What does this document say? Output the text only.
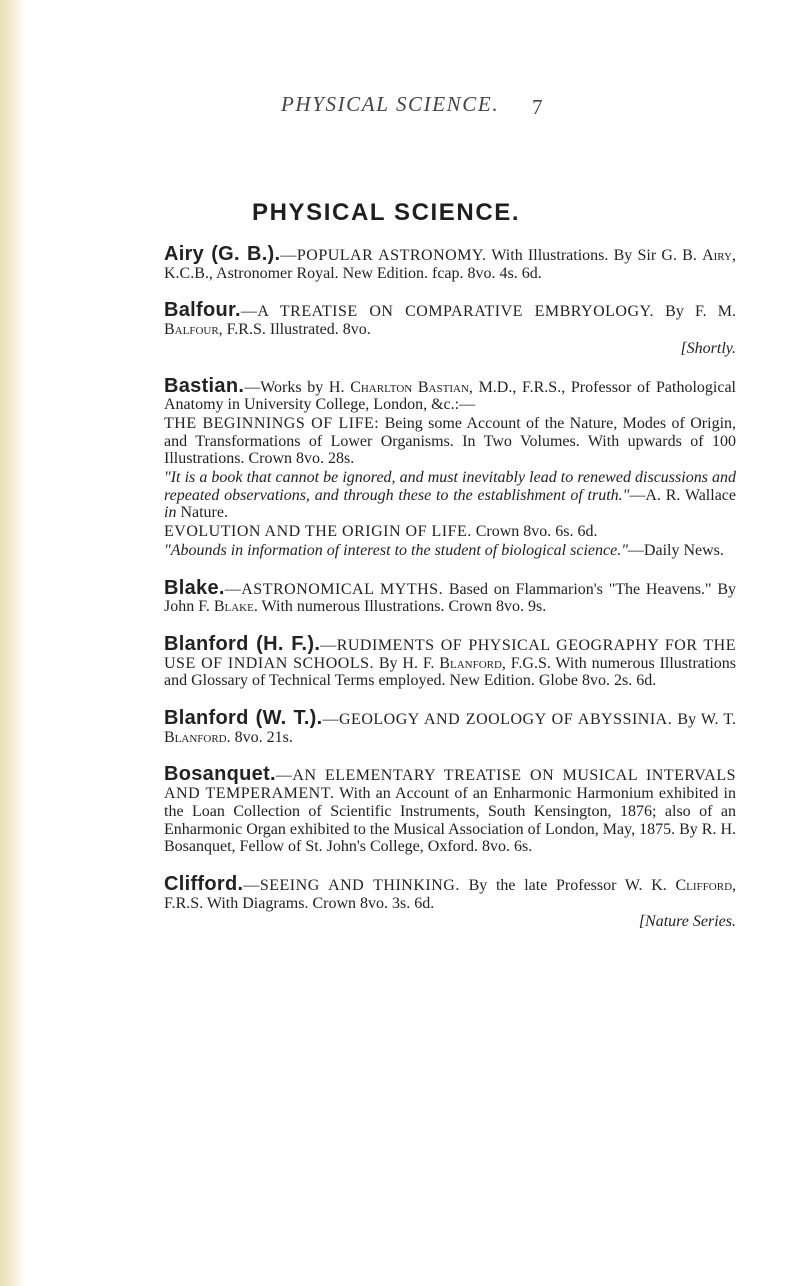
PHYSICAL SCIENCE. 7
PHYSICAL SCIENCE.

Airy (G. B.).—POPULAR ASTRONOMY. With Illustrations. By Sir G. B. Airy, K.C.B., Astronomer Royal. New Edition. fcap. 8vo. 4s. 6d.

Balfour.—A TREATISE ON COMPARATIVE EMBRYOLOGY. By F. M. Balfour, F.R.S. Illustrated. 8vo.

[Shortly.

Bastian.—Works by H. Charlton Bastian, M.D., F.R.S., Professor of Pathological Anatomy in University College, London, &c.:—

THE BEGINNINGS OF LIFE: Being some Account of the Nature, Modes of Origin, and Transformations of Lower Organisms. In Two Volumes. With upwards of 100 Illustrations. Crown 8vo. 28s.

"It is a book that cannot be ignored, and must inevitably lead to renewed discussions and repeated observations, and through these to the establishment of truth."—A. R. Wallace in Nature.

EVOLUTION AND THE ORIGIN OF LIFE. Crown 8vo. 6s. 6d.

"Abounds in information of interest to the student of biological science."—Daily News.

Blake.—ASTRONOMICAL MYTHS. Based on Flammarion's "The Heavens." By John F. Blake. With numerous Illustrations. Crown 8vo. 9s.

Blanford (H. F.).—RUDIMENTS OF PHYSICAL GEOGRAPHY FOR THE USE OF INDIAN SCHOOLS. By H. F. Blanford, F.G.S. With numerous Illustrations and Glossary of Technical Terms employed. New Edition. Globe 8vo. 2s. 6d.

Blanford (W. T.).—GEOLOGY AND ZOOLOGY OF ABYSSINIA. By W. T. Blanford. 8vo. 21s.

Bosanquet.—AN ELEMENTARY TREATISE ON MUSICAL INTERVALS AND TEMPERAMENT. With an Account of an Enharmonic Harmonium exhibited in the Loan Collection of Scientific Instruments, South Kensington, 1876; also of an Enharmonic Organ exhibited to the Musical Association of London, May, 1875. By R. H. Bosanquet, Fellow of St. John's College, Oxford. 8vo. 6s.

Clifford.—SEEING AND THINKING. By the late Professor W. K. Clifford, F.R.S. With Diagrams. Crown 8vo. 3s. 6d.

[Nature Series.
